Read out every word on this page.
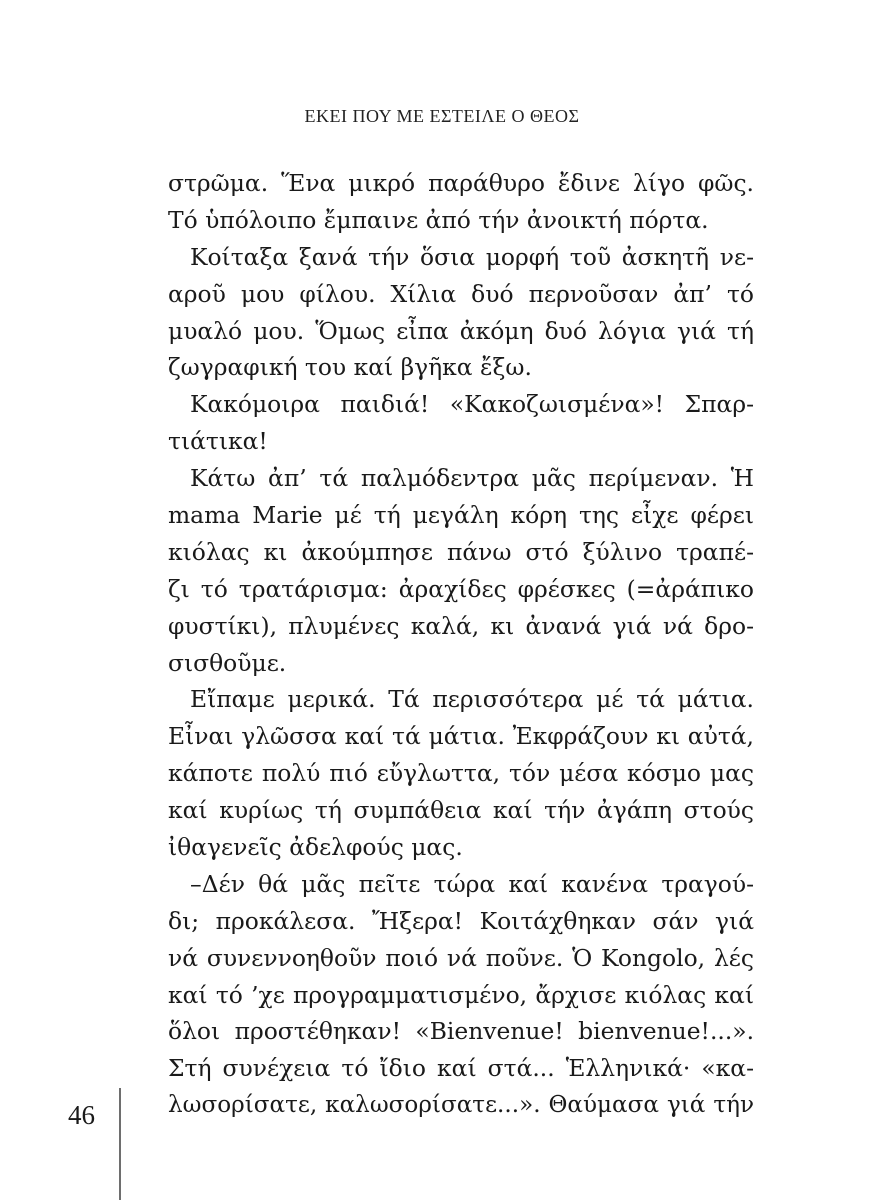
ΕΚΕΙ ΠΟΥ ΜΕ ΕΣΤΕΙΛΕ Ο ΘΕΟΣ
στρῶμα. Ἕνα μικρό παράθυρο ἔδινε λίγο φῶς.
Τό ὑπόλοιπο ἔμπαινε ἀπό τήν ἀνοικτή πόρτα.
Κοίταξα ξανά τήν ὅσια μορφή τοῦ ἀσκητῆ νε-
αροῦ μου φίλου. Χίλια δυό περνοῦσαν ἀπ’ τό
μυαλό μου. Ὅμως εἶπα ἀκόμη δυό λόγια γιά τή
ζωγραφική του καί βγῆκα ἔξω.
Κακόμοιρα παιδιά! «Κακοζωισμένα»! Σπαρ-
τιάτικα!
Κάτω ἀπ’ τά παλμόδεντρα μᾶς περίμεναν. Ἡ
mama Marie μέ τή μεγάλη κόρη της εἶχε φέρει
κιόλας κι ἀκούμπησε πάνω στό ξύλινο τραπέ-
ζι τό τρατάρισμα: ἀραχίδες φρέσκες (=ἀράπικο
φυστίκι), πλυμένες καλά, κι ἀνανά γιά νά δρο-
σισθοῦμε.
Εἴπαμε μερικά. Τά περισσότερα μέ τά μάτια.
Εἶναι γλῶσσα καί τά μάτια. Ἐκφράζουν κι αὐτά,
κάποτε πολύ πιό εὔγλωττα, τόν μέσα κόσμο μας
καί κυρίως τή συμπάθεια καί τήν ἀγάπη στούς
ἰθαγενεῖς ἀδελφούς μας.
–Δέν θά μᾶς πεῖτε τώρα καί κανένα τραγού-
δι; προκάλεσα. Ἤξερα! Κοιτάχθηκαν σάν γιά
νά συνεννοηθοῦν ποιό νά ποῦνε. Ὁ Kongolo, λές
καί τό ’χε προγραμματισμένο, ἄρχισε κιόλας καί
ὅλοι προστέθηκαν! «Bienvenue! bienvenue!...».
Στή συνέχεια τό ἴδιο καί στά... Ἑλληνικά· «κα-
λωσορίσατε, καλωσορίσατε...». Θαύμασα γιά τήν
46
